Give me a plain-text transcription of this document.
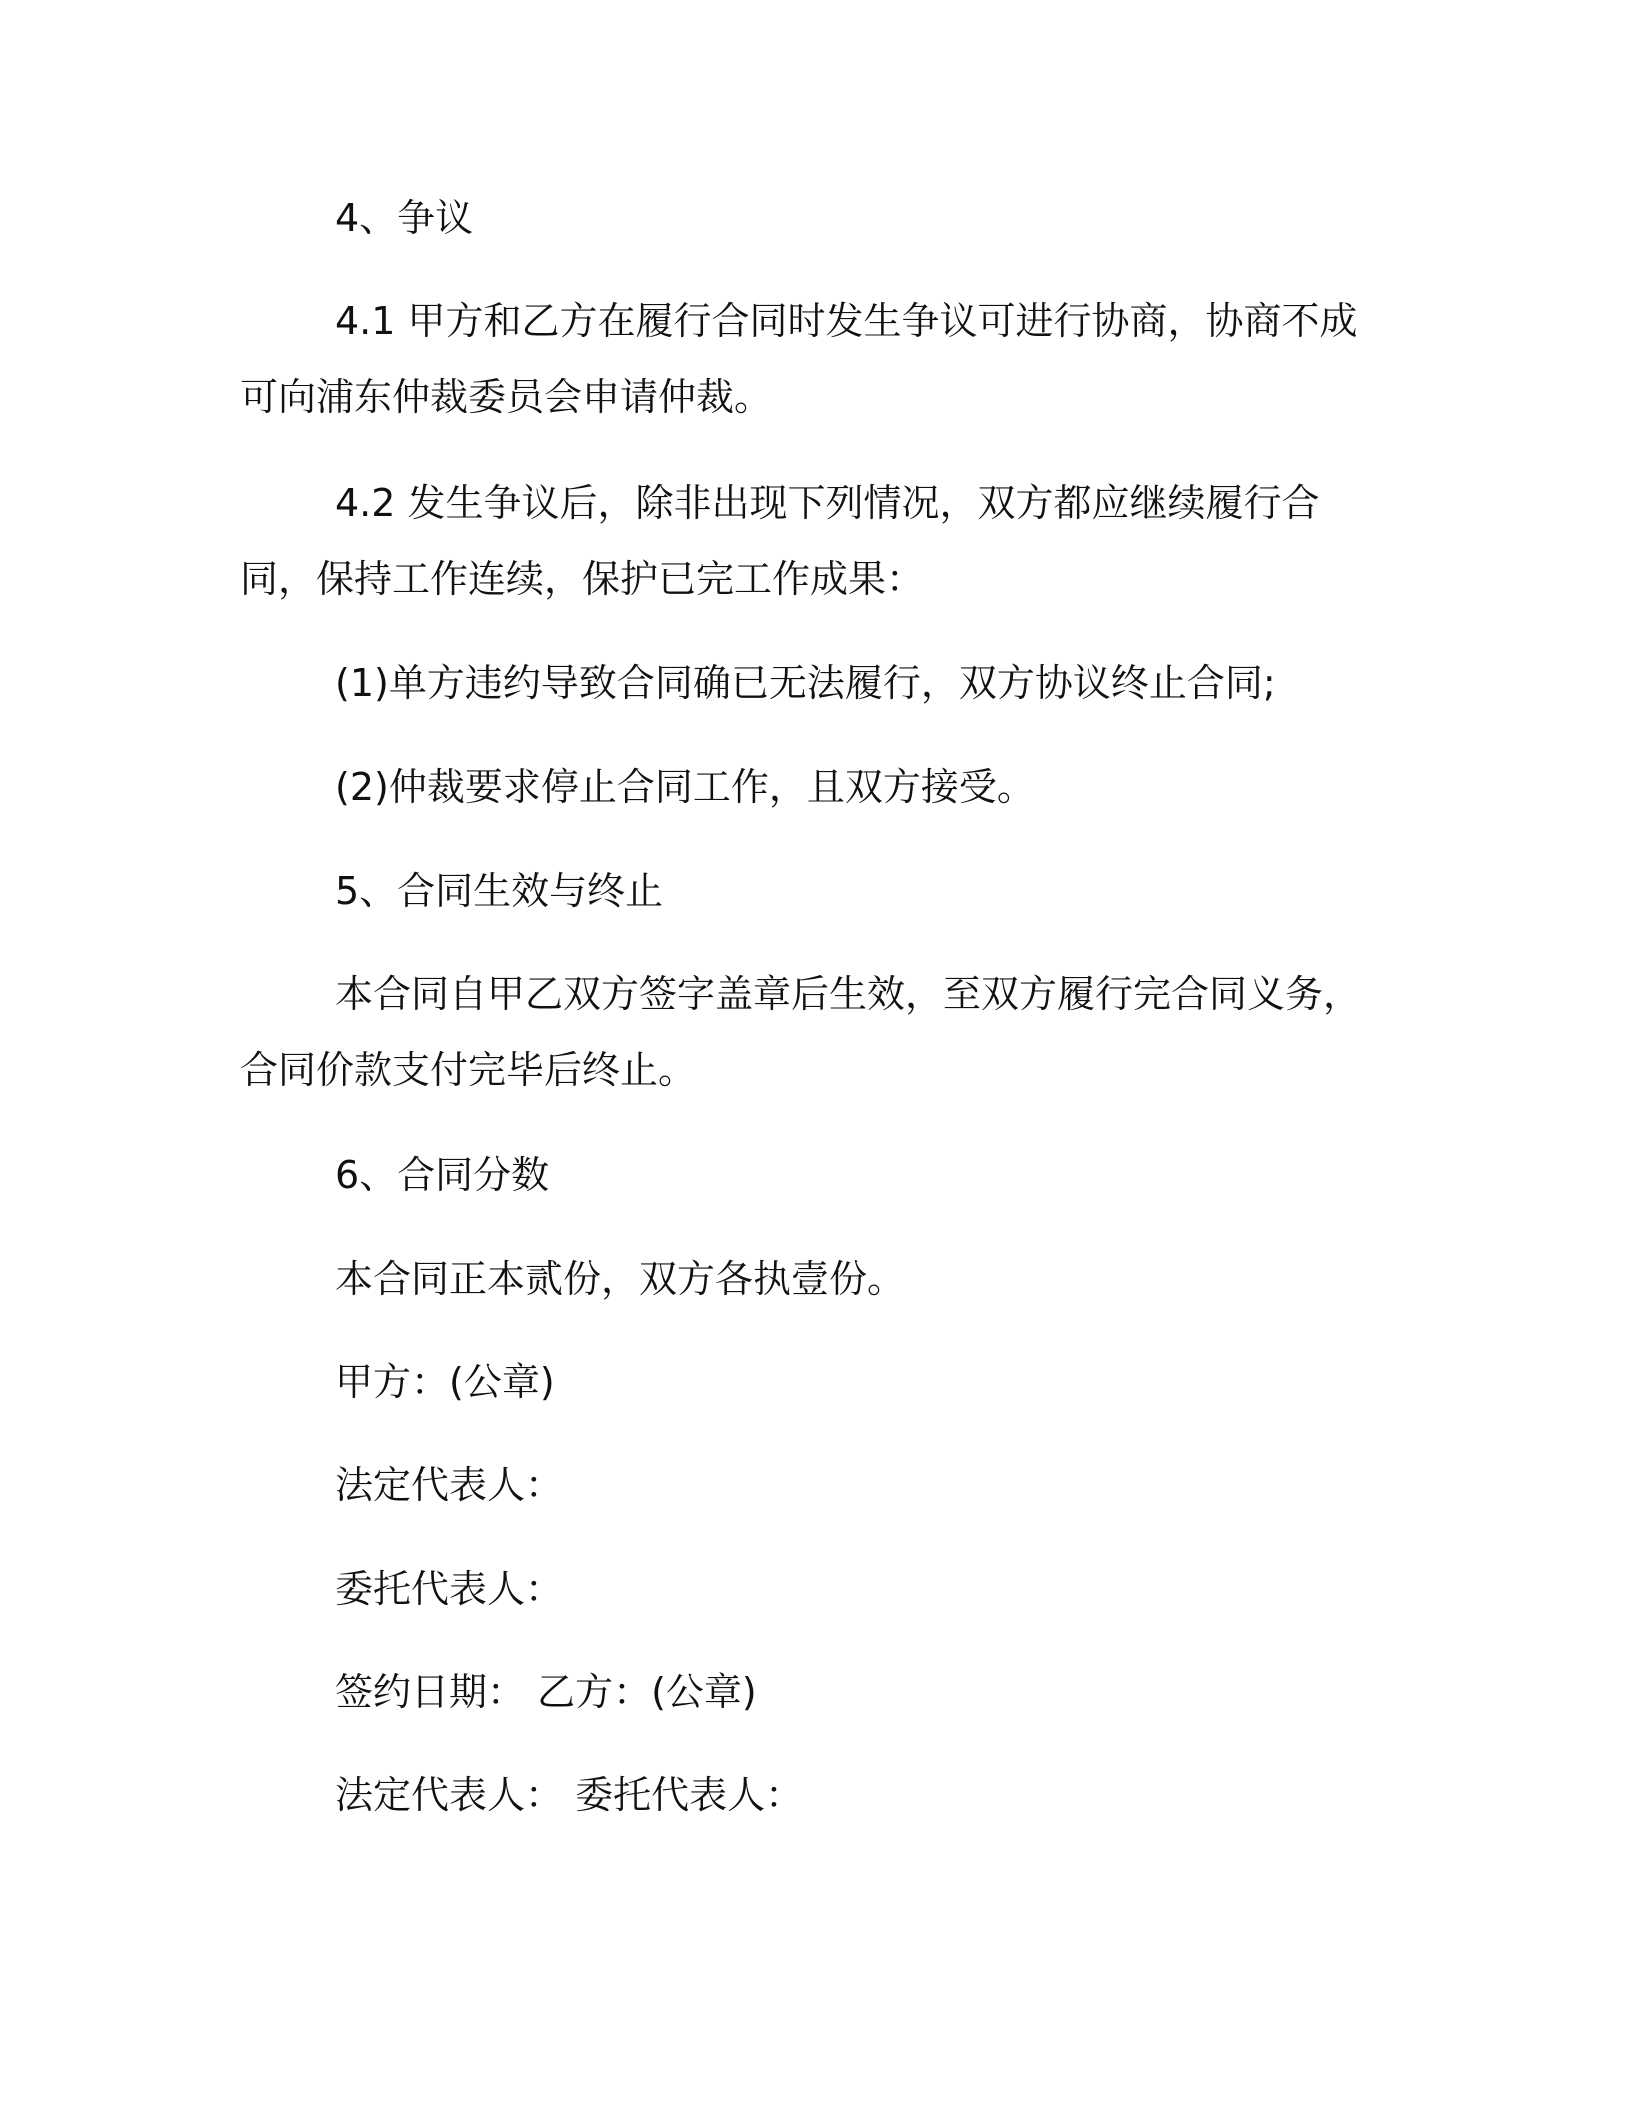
4、争议

4.1 甲方和乙方在履行合同时发生争议可进行协商，协商不成可向浦东仲裁委员会申请仲裁。

4.2 发生争议后，除非出现下列情况，双方都应继续履行合同，保持工作连续，保护已完工作成果：

(1)单方违约导致合同确已无法履行，双方协议终止合同;

(2)仲裁要求停止合同工作，且双方接受。

5、合同生效与终止

本合同自甲乙双方签字盖章后生效，至双方履行完合同义务，合同价款支付完毕后终止。

6、合同分数

本合同正本贰份，双方各执壹份。

甲方：(公章)

法定代表人：

委托代表人：

签约日期： 乙方：(公章)

法定代表人： 委托代表人：
